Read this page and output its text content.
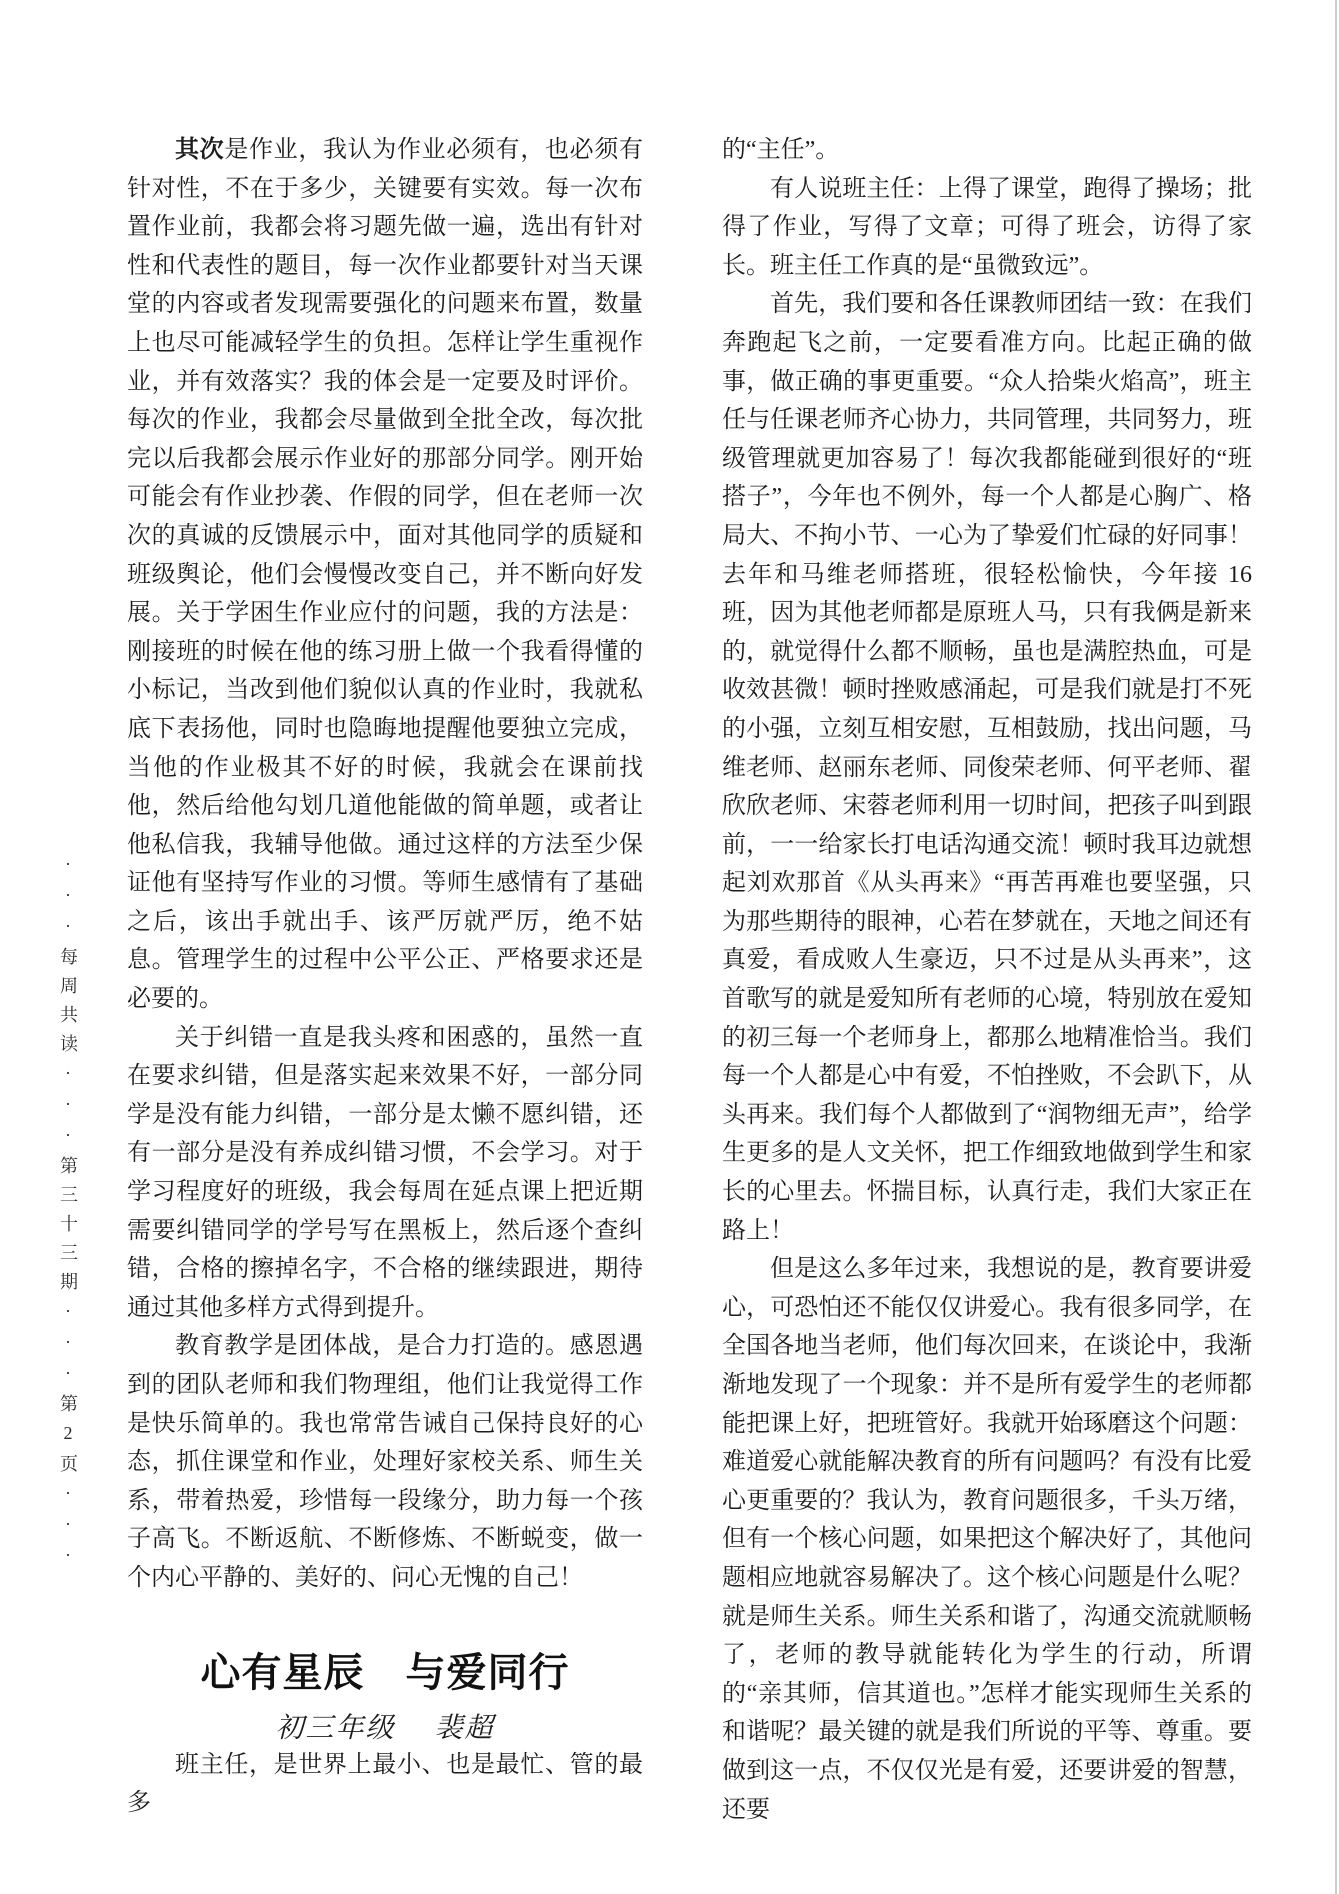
···每周共读···第三十三期···第2页···

其次是作业，我认为作业必须有，也必须有针对性，不在于多少，关键要有实效。每一次布置作业前，我都会将习题先做一遍，选出有针对性和代表性的题目，每一次作业都要针对当天课堂的内容或者发现需要强化的问题来布置，数量上也尽可能减轻学生的负担。怎样让学生重视作业，并有效落实？我的体会是一定要及时评价。每次的作业，我都会尽量做到全批全改，每次批完以后我都会展示作业好的那部分同学。刚开始可能会有作业抄袭、作假的同学，但在老师一次次的真诚的反馈展示中，面对其他同学的质疑和班级舆论，他们会慢慢改变自己，并不断向好发展。关于学困生作业应付的问题，我的方法是：刚接班的时候在他的练习册上做一个我看得懂的小标记，当改到他们貌似认真的作业时，我就私底下表扬他，同时也隐晦地提醒他要独立完成，当他的作业极其不好的时候，我就会在课前找他，然后给他勾划几道他能做的简单题，或者让他私信我，我辅导他做。通过这样的方法至少保证他有坚持写作业的习惯。等师生感情有了基础之后，该出手就出手、该严厉就严厉，绝不姑息。管理学生的过程中公平公正、严格要求还是必要的。

关于纠错一直是我头疼和困惑的，虽然一直在要求纠错，但是落实起来效果不好，一部分同学是没有能力纠错，一部分是太懒不愿纠错，还有一部分是没有养成纠错习惯，不会学习。对于学习程度好的班级，我会每周在延点课上把近期需要纠错同学的学号写在黑板上，然后逐个查纠错，合格的擦掉名字，不合格的继续跟进，期待通过其他多样方式得到提升。

教育教学是团体战，是合力打造的。感恩遇到的团队老师和我们物理组，他们让我觉得工作是快乐简单的。我也常常告诫自己保持良好的心态，抓住课堂和作业，处理好家校关系、师生关系，带着热爱，珍惜每一段缘分，助力每一个孩子高飞。不断返航、不断修炼、不断蜕变，做一个内心平静的、美好的、问心无愧的自己！

心有星辰　与爱同行
初三年级　 裴超

班主任，是世界上最小、也是最忙、管的最多

的“主任”。

有人说班主任：上得了课堂，跑得了操场；批得了作业，写得了文章；可得了班会，访得了家长。班主任工作真的是“虽微致远”。

首先，我们要和各任课教师团结一致：在我们奔跑起飞之前，一定要看准方向。比起正确的做事，做正确的事更重要。“众人拾柴火焰高”，班主任与任课老师齐心协力，共同管理，共同努力，班级管理就更加容易了！每次我都能碰到很好的“班搭子”，今年也不例外，每一个人都是心胸广、格局大、不拘小节、一心为了挚爱们忙碌的好同事！去年和马维老师搭班，很轻松愉快，今年接 16 班，因为其他老师都是原班人马，只有我俩是新来的，就觉得什么都不顺畅，虽也是满腔热血，可是收效甚微！顿时挫败感涌起，可是我们就是打不死的小强，立刻互相安慰，互相鼓励，找出问题，马维老师、赵丽东老师、同俊荣老师、何平老师、翟欣欣老师、宋蓉老师利用一切时间，把孩子叫到跟前，一一给家长打电话沟通交流！顿时我耳边就想起刘欢那首《从头再来》“再苦再难也要坚强，只为那些期待的眼神，心若在梦就在，天地之间还有真爱，看成败人生豪迈，只不过是从头再来”，这首歌写的就是爱知所有老师的心境，特别放在爱知的初三每一个老师身上，都那么地精准恰当。我们每一个人都是心中有爱，不怕挫败，不会趴下，从头再来。我们每个人都做到了“润物细无声”，给学生更多的是人文关怀，把工作细致地做到学生和家长的心里去。怀揣目标，认真行走，我们大家正在路上！

但是这么多年过来，我想说的是，教育要讲爱心，可恐怕还不能仅仅讲爱心。我有很多同学，在全国各地当老师，他们每次回来，在谈论中，我渐渐地发现了一个现象：并不是所有爱学生的老师都能把课上好，把班管好。我就开始琢磨这个问题：难道爱心就能解决教育的所有问题吗？有没有比爱心更重要的？我认为，教育问题很多，千头万绪，但有一个核心问题，如果把这个解决好了，其他问题相应地就容易解决了。这个核心问题是什么呢？就是师生关系。师生关系和谐了，沟通交流就顺畅了，老师的教导就能转化为学生的行动，所谓的“亲其师，信其道也。”怎样才能实现师生关系的和谐呢？最关键的就是我们所说的平等、尊重。要做到这一点，不仅仅光是有爱，还要讲爱的智慧，还要
